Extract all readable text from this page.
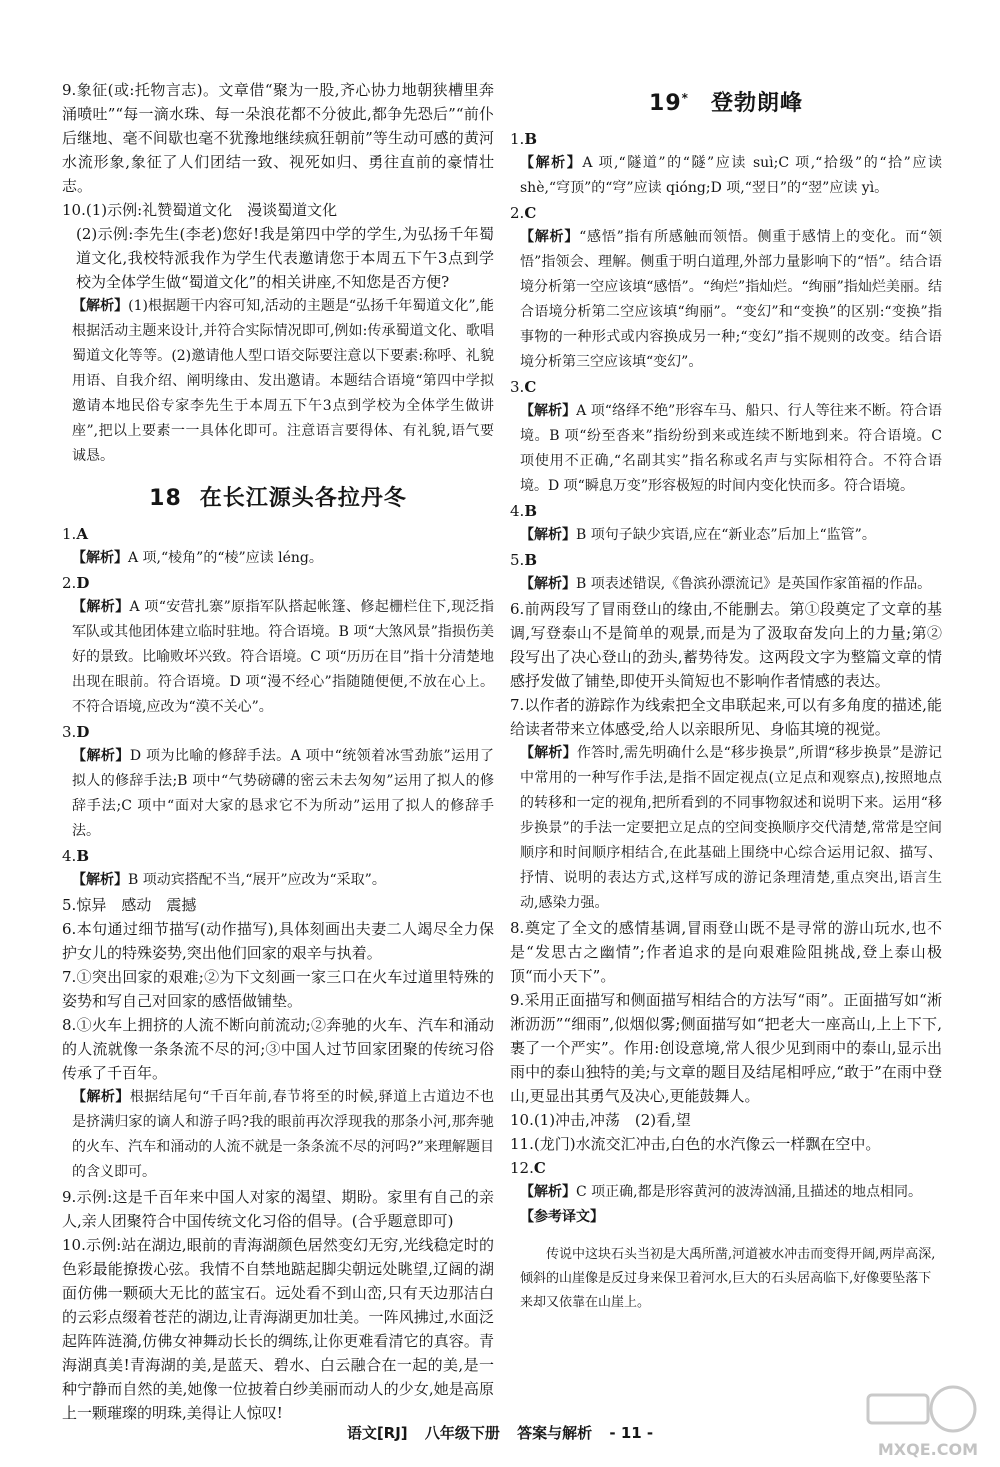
9.象征(或:托物言志)。文章借“聚为一股,齐心协力地朝狭槽里奔涌喷吐”“每一滴水珠、每一朵浪花都不分彼此,都争先恐后”“前仆后继地、毫不间歇也毫不犹豫地继续疯狂朝前”等生动可感的黄河水流形象,象征了人们团结一致、视死如归、勇往直前的豪情壮志。
10.(1)示例:礼赞蜀道文化　漫谈蜀道文化
(2)示例:李先生(李老)您好!我是第四中学的学生,为弘扬千年蜀道文化,我校特派我作为学生代表邀请您于本周五下午3点到学校为全体学生做“蜀道文化”的相关讲座,不知您是否方便?
【解析】(1)根据题干内容可知,活动的主题是“弘扬千年蜀道文化”,能根据活动主题来设计,并符合实际情况即可,例如:传承蜀道文化、歌唱蜀道文化等等。(2)邀请他人型口语交际要注意以下要素:称呼、礼貌用语、自我介绍、阐明缘由、发出邀请。本题结合语境“第四中学拟邀请本地民俗专家李先生于本周五下午3点到学校为全体学生做讲座”,把以上要素一一具体化即可。注意语言要得体、有礼貌,语气要诚恳。
18 在长江源头各拉丹冬
1.A
【解析】A 项,“棱角”的“棱”应读 léng。
2.D
【解析】A 项“安营扎寨”原指军队搭起帐篷、修起栅栏住下,现泛指军队或其他团体建立临时驻地。符合语境。B 项“大煞风景”指损伤美好的景致。比喻败坏兴致。符合语境。C 项“历历在目”指十分清楚地出现在眼前。符合语境。D 项“漫不经心”指随随便便,不放在心上。不符合语境,应改为“漠不关心”。
3.D
【解析】D 项为比喻的修辞手法。A 项中“统领着冰雪劲旅”运用了拟人的修辞手法;B 项中“气势磅礴的密云未去匆匆”运用了拟人的修辞手法;C 项中“面对大家的恳求它不为所动”运用了拟人的修辞手法。
4.B
【解析】B 项动宾搭配不当,“展开”应改为“采取”。
5.惊异　感动　震撼
6.本句通过细节描写(动作描写),具体刻画出夫妻二人竭尽全力保护女儿的特殊姿势,突出他们回家的艰辛与执着。
7.①突出回家的艰难;②为下文刻画一家三口在火车过道里特殊的姿势和写自己对回家的感悟做铺垫。
8.①火车上拥挤的人流不断向前流动;②奔驰的火车、汽车和涌动的人流就像一条条流不尽的河;③中国人过节回家团聚的传统习俗传承了千百年。
【解析】根据结尾句“千百年前,春节将至的时候,驿道上古道边不也是挤满归家的谪人和游子吗?我的眼前再次浮现我的那条小河,那奔驰的火车、汽车和涌动的人流不就是一条条流不尽的河吗?”来理解题目的含义即可。
9.示例:这是千百年来中国人对家的渴望、期盼。家里有自己的亲人,亲人团聚符合中国传统文化习俗的倡导。(合乎题意即可)
10.示例:站在湖边,眼前的青海湖颜色居然变幻无穷,光线稳定时的色彩最能撩拨心弦。我情不自禁地踮起脚尖朝远处眺望,辽阔的湖面仿佛一颗硕大无比的蓝宝石。远处看不到山峦,只有天边那洁白的云彩点缀着苍茫的湖边,让青海湖更加壮美。一阵风拂过,水面泛起阵阵涟漪,仿佛女神舞动长长的绸练,让你更难看清它的真容。青海湖真美!青海湖的美,是蓝天、碧水、白云融合在一起的美,是一种宁静而自然的美,她像一位披着白纱美丽而动人的少女,她是高原上一颗璀璨的明珠,美得让人惊叹!
19* 登勃朗峰
1.B
【解析】A 项,“隧道”的“隧”应读 suì;C 项,“拾级”的“拾”应读 shè,“穹顶”的“穹”应读 qióng;D 项,“翌日”的“翌”应读 yì。
2.C
【解析】“感悟”指有所感触而领悟。侧重于感情上的变化。而“领悟”指领会、理解。侧重于明白道理,外部力量影响下的“悟”。结合语境分析第一空应该填“感悟”。“绚烂”指灿烂。“绚丽”指灿烂美丽。结合语境分析第二空应该填“绚丽”。“变幻”和“变换”的区别:“变换”指事物的一种形式或内容换成另一种;“变幻”指不规则的改变。结合语境分析第三空应该填“变幻”。
3.C
【解析】A 项“络绎不绝”形容车马、船只、行人等往来不断。符合语境。B 项“纷至沓来”指纷纷到来或连续不断地到来。符合语境。C 项使用不正确,“名副其实”指名称或名声与实际相符合。不符合语境。D 项“瞬息万变”形容极短的时间内变化快而多。符合语境。
4.B
【解析】B 项句子缺少宾语,应在“新业态”后加上“监管”。
5.B
【解析】B 项表述错误,《鲁滨孙漂流记》是英国作家笛福的作品。
6.前两段写了冒雨登山的缘由,不能删去。第①段奠定了文章的基调,写登泰山不是简单的观景,而是为了汲取奋发向上的力量;第②段写出了决心登山的劲头,蓄势待发。这两段文字为整篇文章的情感抒发做了铺垫,即使开头简短也不影响作者情感的表达。
7.以作者的游踪作为线索把全文串联起来,可以有多角度的描述,能给读者带来立体感受,给人以亲眼所见、身临其境的视觉。
【解析】作答时,需先明确什么是“移步换景”,所谓“移步换景”是游记中常用的一种写作手法,是指不固定视点(立足点和观察点),按照地点的转移和一定的视角,把所看到的不同事物叙述和说明下来。运用“移步换景”的手法一定要把立足点的空间变换顺序交代清楚,常常是空间顺序和时间顺序相结合,在此基础上围绕中心综合运用记叙、描写、抒情、说明的表达方式,这样写成的游记条理清楚,重点突出,语言生动,感染力强。
8.奠定了全文的感情基调,冒雨登山既不是寻常的游山玩水,也不是“发思古之幽情”;作者追求的是向艰难险阻挑战,登上泰山极顶“而小天下”。
9.采用正面描写和侧面描写相结合的方法写“雨”。正面描写如“淅淅沥沥”“细雨”,似烟似雾;侧面描写如“把老大一座高山,上上下下,裹了一个严实”。作用:创设意境,常人很少见到雨中的泰山,显示出雨中的泰山独特的美;与文章的题目及结尾相呼应,“敢于”在雨中登山,更显出其勇气及决心,更能鼓舞人。
10.(1)冲击,冲荡　(2)看,望
11.(龙门)水流交汇冲击,白色的水汽像云一样飘在空中。
12.C
【解析】C 项正确,都是形容黄河的波涛汹涌,且描述的地点相同。
【参考译文】

传说中这块石头当初是大禹所凿,河道被水冲击而变得开阔,两岸高深,倾斜的山崖像是反过身来保卫着河水,巨大的石头居高临下,好像要坠落下来却又依靠在山崖上。

语文[RJ] 八年级下册 答案与解析 - 11 -
MXQE.COM
